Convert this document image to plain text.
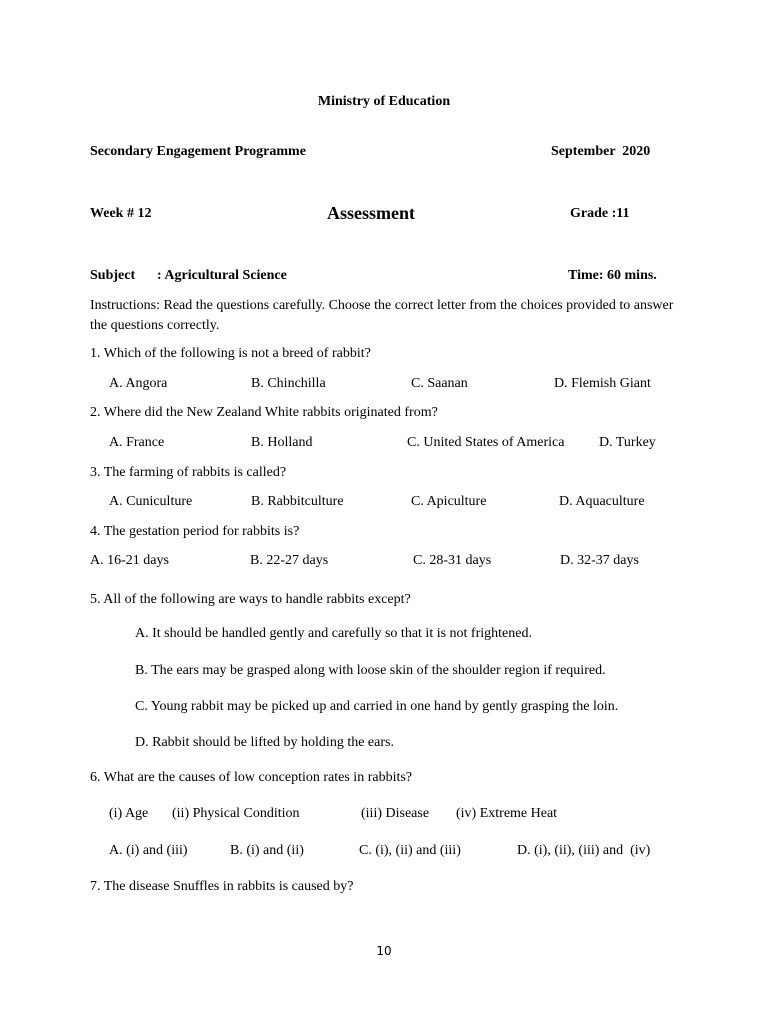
Ministry of Education
Secondary Engagement Programme	September  2020
Week # 12	Assessment	Grade :11
Subject : Agricultural Science	Time: 60 mins.
Instructions: Read the questions carefully. Choose the correct letter from the choices provided to answer the questions correctly.
1. Which of the following is not a breed of rabbit?
A. Angora	B. Chinchilla	C. Saanan	D. Flemish Giant
2. Where did the New Zealand White rabbits originated from?
A. France	B. Holland	C. United States of America D. Turkey
3. The farming of rabbits is called?
A. Cuniculture	B. Rabbitculture	C. Apiculture	D. Aquaculture
4. The gestation period for rabbits is?
A. 16-21 days	B. 22-27 days	C. 28-31 days	D. 32-37 days
5. All of the following are ways to handle rabbits except?
A. It should be handled gently and carefully so that it is not frightened.
B. The ears may be grasped along with loose skin of the shoulder region if required.
C. Young rabbit may be picked up and carried in one hand by gently grasping the loin.
D. Rabbit should be lifted by holding the ears.
6. What are the causes of low conception rates in rabbits?
(i) Age (ii) Physical Condition	(iii) Disease (iv) Extreme Heat
A. (i) and (iii)	B. (i) and (ii)	C. (i), (ii) and (iii)	D. (i), (ii), (iii) and  (iv)
7. The disease Snuffles in rabbits is caused by?
10
